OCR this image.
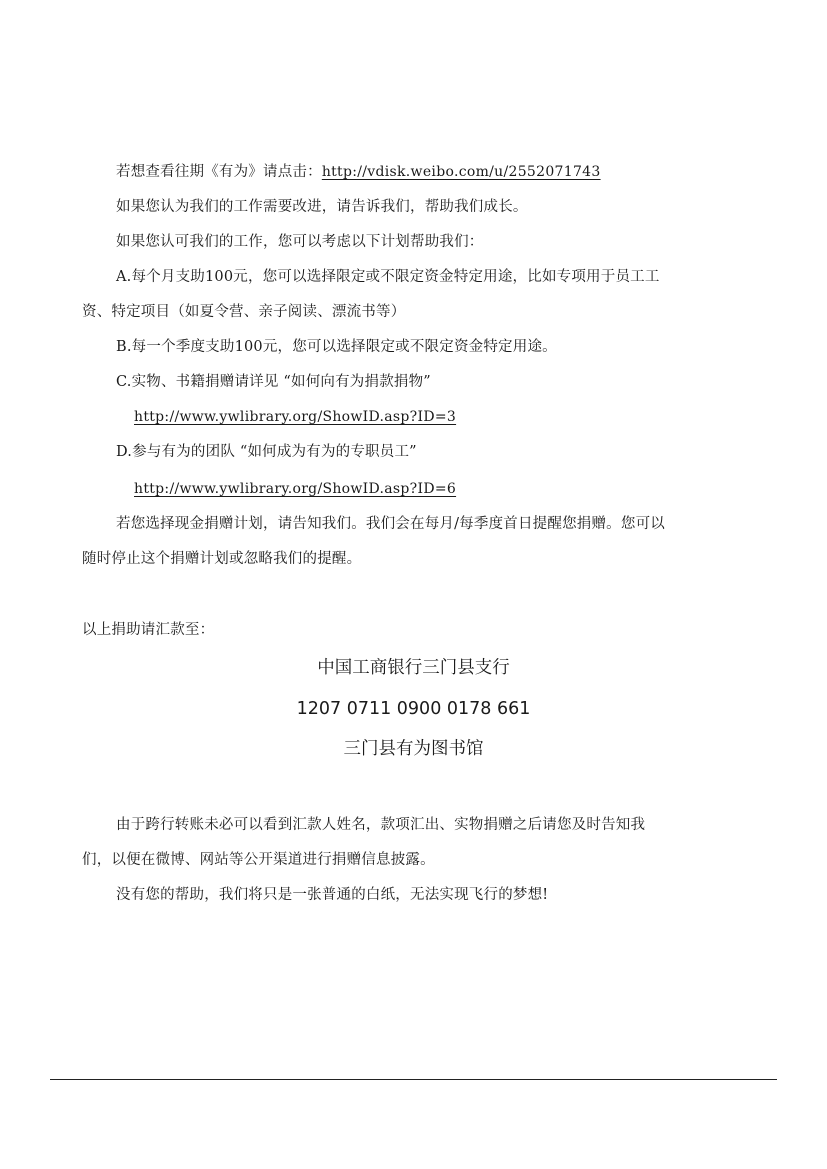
若想查看往期《有为》请点击：http://vdisk.weibo.com/u/2552071743
如果您认为我们的工作需要改进，请告诉我们，帮助我们成长。
如果您认可我们的工作，您可以考虑以下计划帮助我们：
A.每个月支助100元，您可以选择限定或不限定资金特定用途，比如专项用于员工工
资、特定项目（如夏令营、亲子阅读、漂流书等）
B.每一个季度支助100元，您可以选择限定或不限定资金特定用途。
C.实物、书籍捐赠请详见 “如何向有为捐款捐物”
http://www.ywlibrary.org/ShowID.asp?ID=3
D.参与有为的团队 “如何成为有为的专职员工”
http://www.ywlibrary.org/ShowID.asp?ID=6
若您选择现金捐赠计划，请告知我们。我们会在每月/每季度首日提醒您捐赠。您可以
随时停止这个捐赠计划或忽略我们的提醒。
以上捐助请汇款至：
中国工商银行三门县支行
1207 0711 0900 0178 661
三门县有为图书馆
由于跨行转账未必可以看到汇款人姓名，款项汇出、实物捐赠之后请您及时告知我
们，以便在微博、网站等公开渠道进行捐赠信息披露。
没有您的帮助，我们将只是一张普通的白纸，无法实现飞行的梦想!
